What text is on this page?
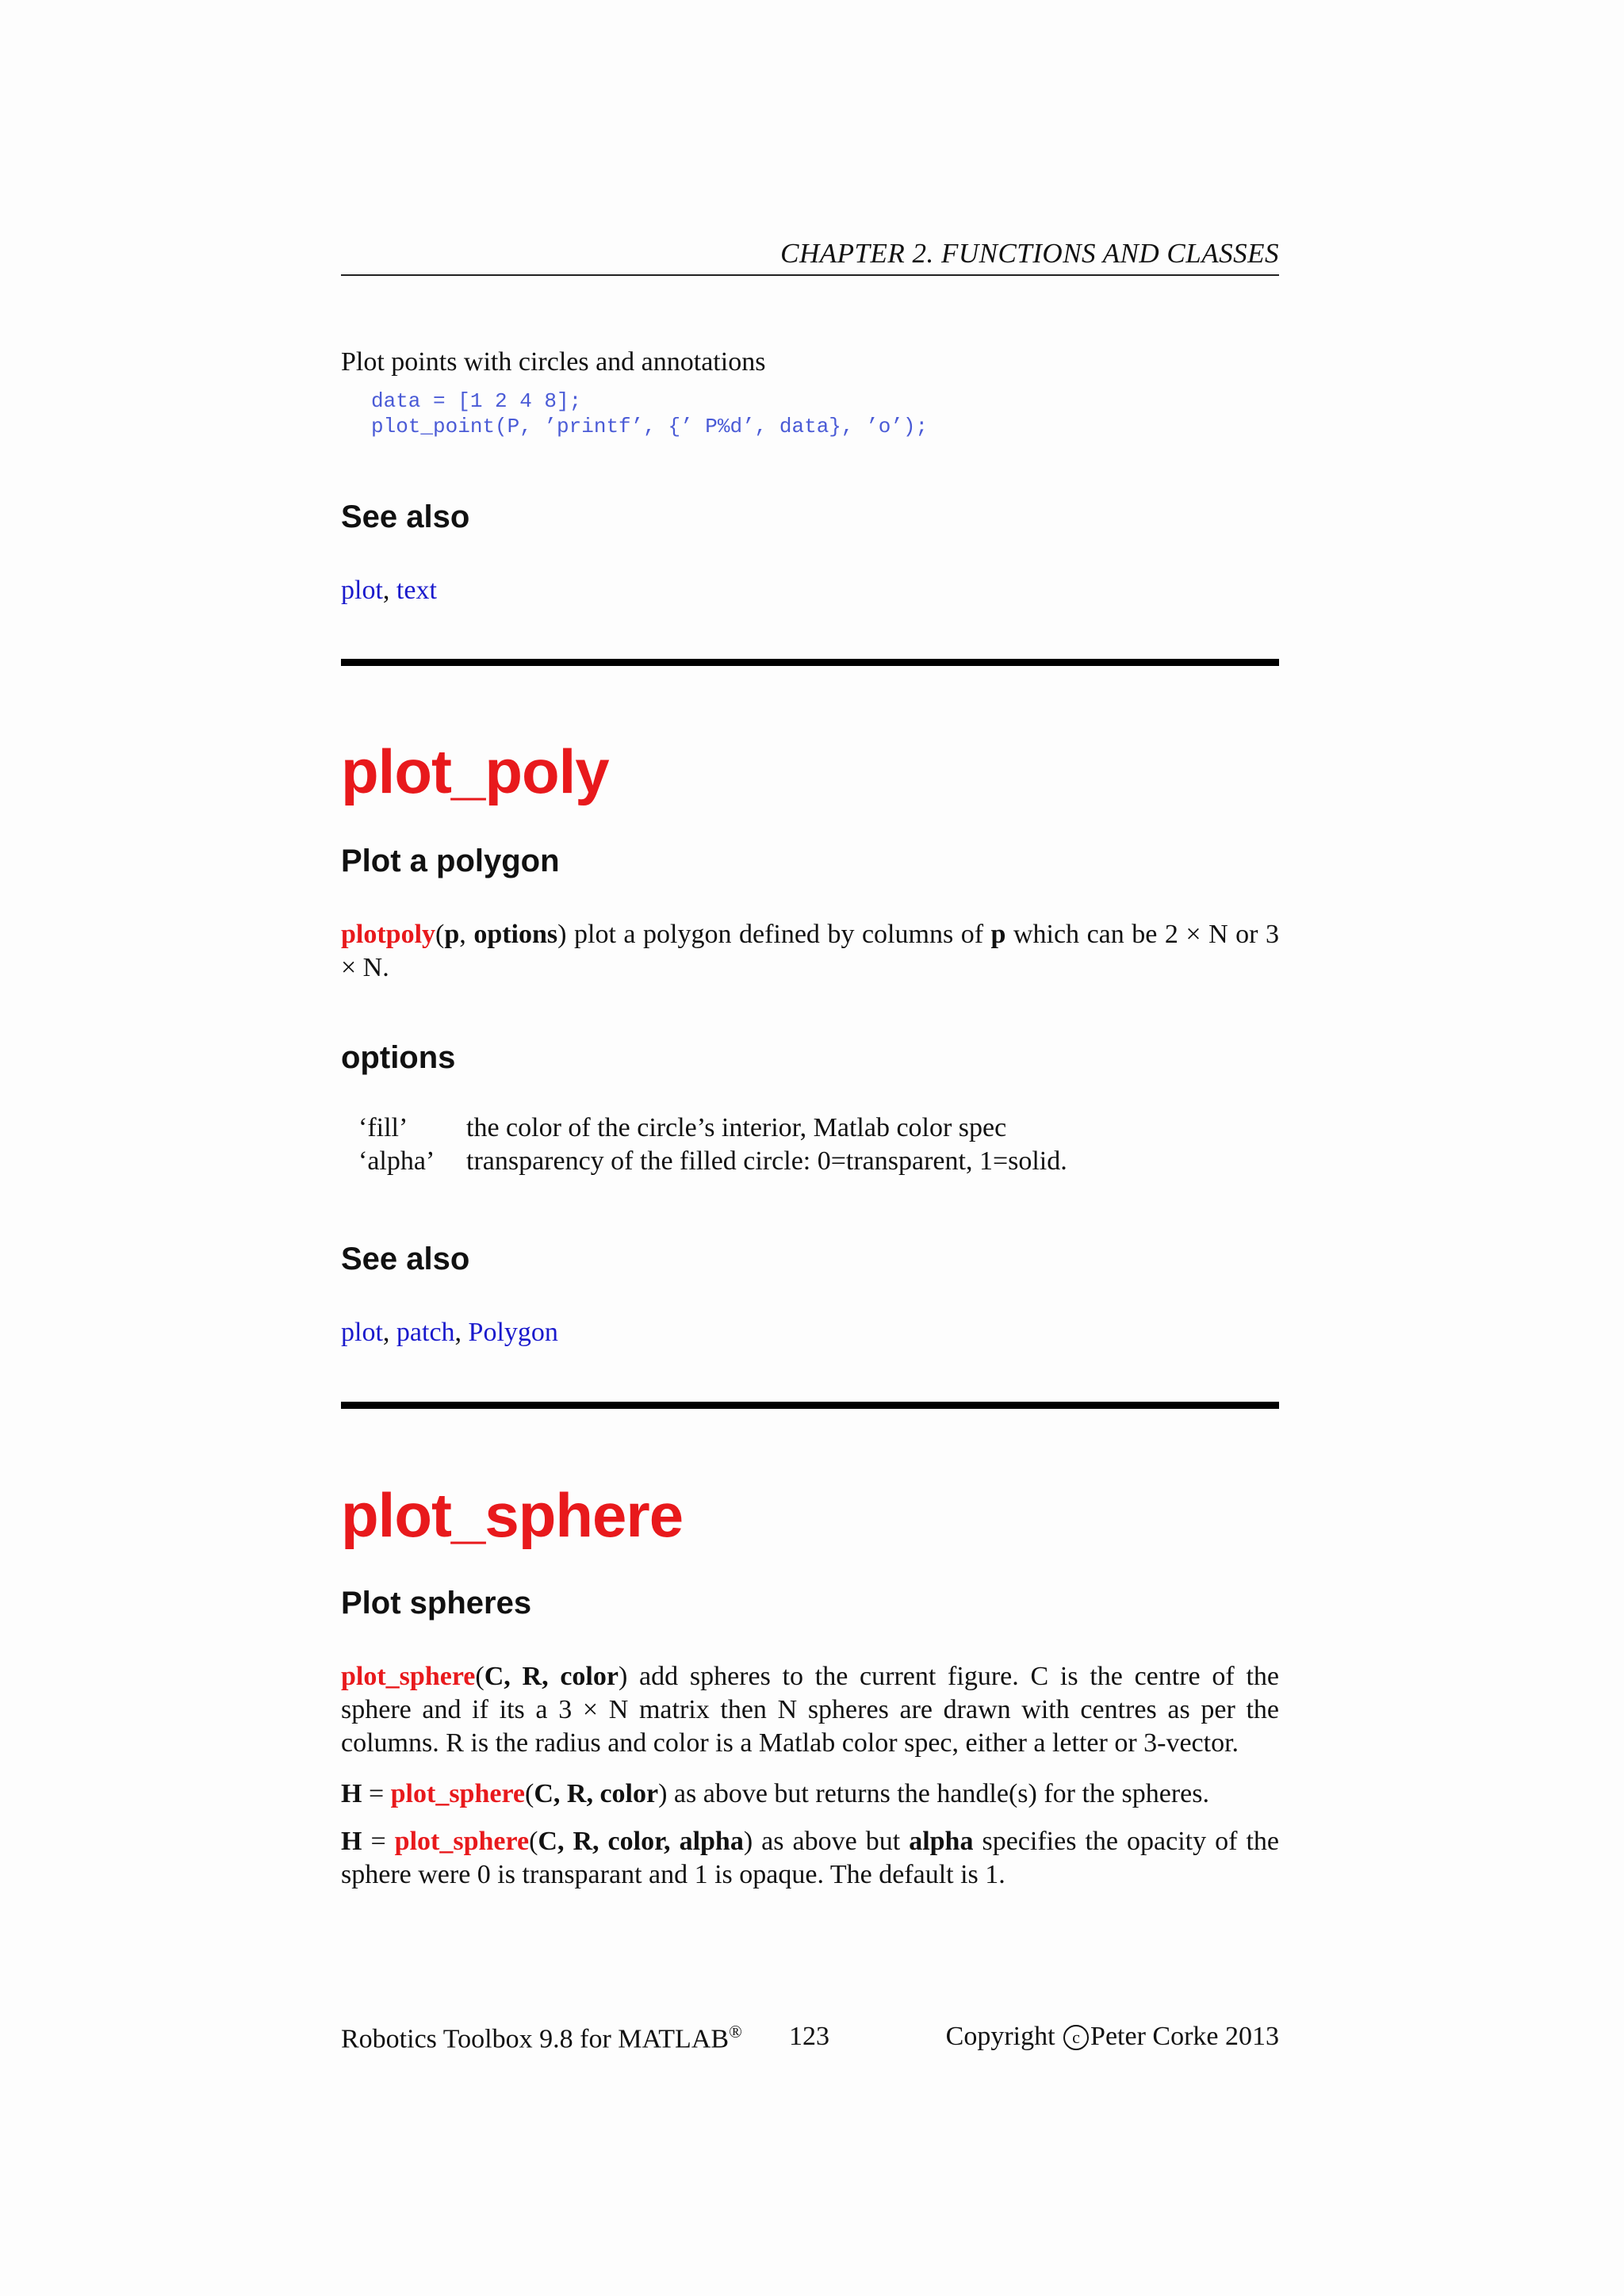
CHAPTER 2. FUNCTIONS AND CLASSES
Plot points with circles and annotations
data = [1 2 4 8];
plot_point(P, ’printf’, {’ P%d’, data}, ’o’);
See also
plot, text
plot_poly
Plot a polygon
plotpoly(p, options) plot a polygon defined by columns of p which can be 2 × N or 3 × N.
options
‘fill’	the color of the circle’s interior, Matlab color spec
‘alpha’	transparency of the filled circle: 0=transparent, 1=solid.
See also
plot, patch, Polygon
plot_sphere
Plot spheres
plot_sphere(C, R, color) add spheres to the current figure. C is the centre of the sphere and if its a 3 × N matrix then N spheres are drawn with centres as per the columns. R is the radius and color is a Matlab color spec, either a letter or 3-vector.
H = plot_sphere(C, R, color) as above but returns the handle(s) for the spheres.
H = plot_sphere(C, R, color, alpha) as above but alpha specifies the opacity of the sphere were 0 is transparant and 1 is opaque. The default is 1.
Robotics Toolbox 9.8 for MATLAB® 123	Copyright c Peter Corke 2013
